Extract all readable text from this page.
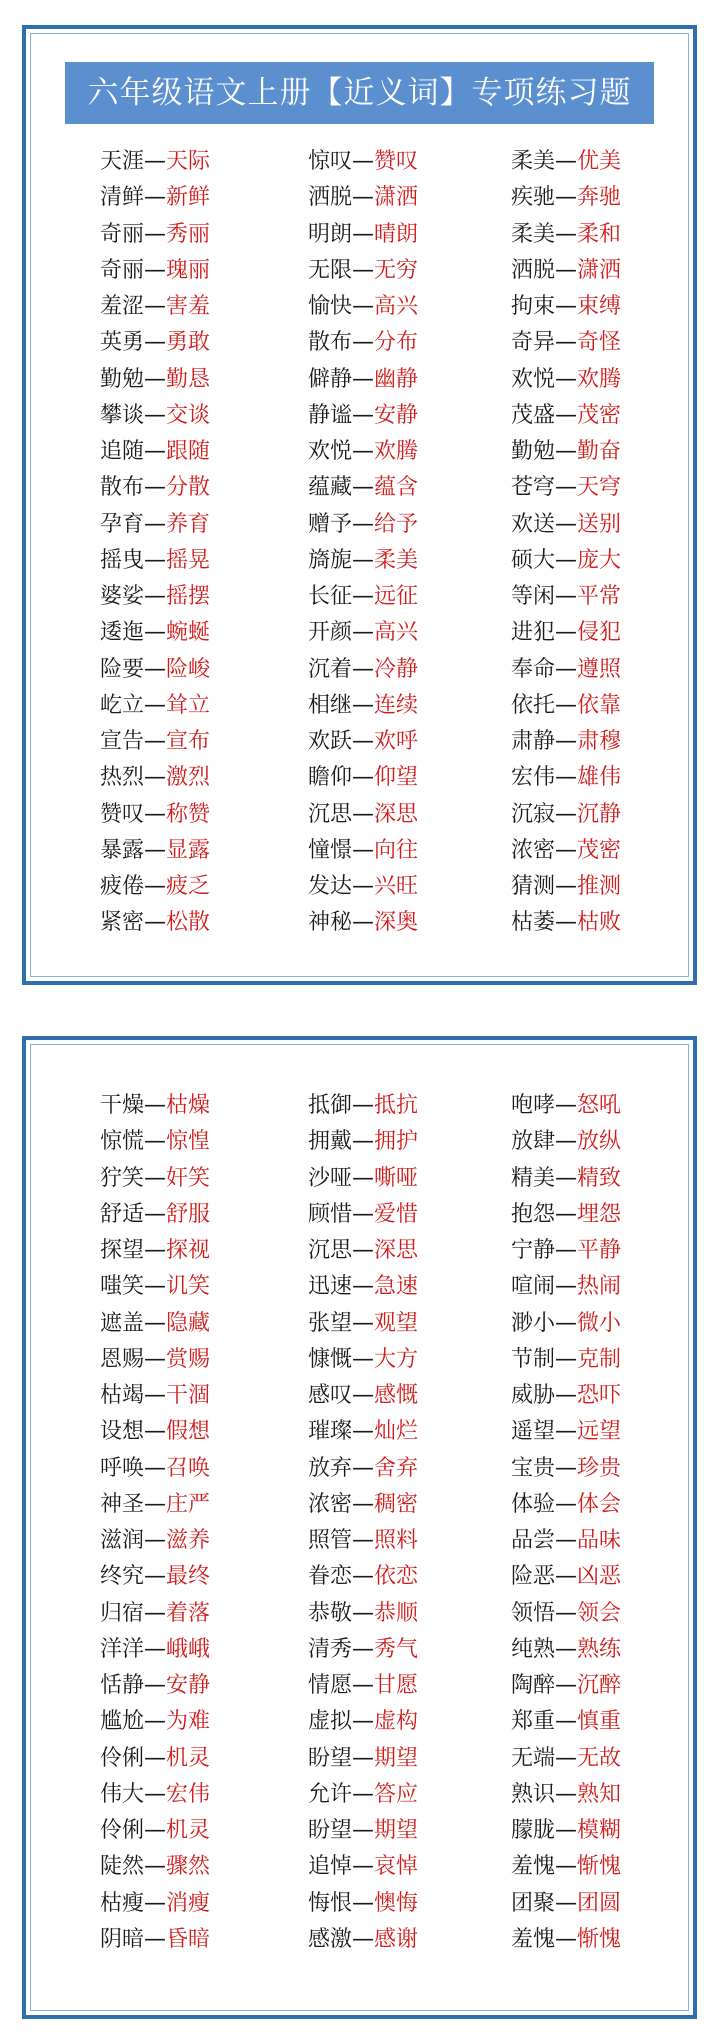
六年级语文上册【近义词】专项练习题
天涯—天际	惊叹—赞叹	柔美—优美
清鲜—新鲜	洒脱—潇洒	疾驰—奔驰
奇丽—秀丽	明朗—晴朗	柔美—柔和
奇丽—瑰丽	无限—无穷	洒脱—潇洒
羞涩—害羞	愉快—高兴	拘束—束缚
英勇—勇敢	散布—分布	奇异—奇怪
勤勉—勤恳	僻静—幽静	欢悦—欢腾
攀谈—交谈	静谧—安静	茂盛—茂密
追随—跟随	欢悦—欢腾	勤勉—勤奋
散布—分散	蕴藏—蕴含	苍穹—天穹
孕育—养育	赠予—给予	欢送—送别
摇曳—摇晃	旖旎—柔美	硕大—庞大
婆娑—摇摆	长征—远征	等闲—平常
逶迤—蜿蜒	开颜—高兴	进犯—侵犯
险要—险峻	沉着—冷静	奉命—遵照
屹立—耸立	相继—连续	依托—依靠
宣告—宣布	欢跃—欢呼	肃静—肃穆
热烈—激烈	瞻仰—仰望	宏伟—雄伟
赞叹—称赞	沉思—深思	沉寂—沉静
暴露—显露	憧憬—向往	浓密—茂密
疲倦—疲乏	发达—兴旺	猜测—推测
紧密—松散	神秘—深奥	枯萎—枯败
干燥—枯燥	抵御—抵抗	咆哮—怒吼
惊慌—惊惶	拥戴—拥护	放肆—放纵
狞笑—奸笑	沙哑—嘶哑	精美—精致
舒适—舒服	顾惜—爱惜	抱怨—埋怨
探望—探视	沉思—深思	宁静—平静
嗤笑—讥笑	迅速—急速	喧闹—热闹
遮盖—隐藏	张望—观望	渺小—微小
恩赐—赏赐	慷慨—大方	节制—克制
枯竭—干涸	感叹—感慨	威胁—恐吓
设想—假想	璀璨—灿烂	遥望—远望
呼唤—召唤	放弃—舍弃	宝贵—珍贵
神圣—庄严	浓密—稠密	体验—体会
滋润—滋养	照管—照料	品尝—品味
终究—最终	眷恋—依恋	险恶—凶恶
归宿—着落	恭敬—恭顺	领悟—领会
洋洋—峨峨	清秀—秀气	纯熟—熟练
恬静—安静	情愿—甘愿	陶醉—沉醉
尴尬—为难	虚拟—虚构	郑重—慎重
伶俐—机灵	盼望—期望	无端—无故
伟大—宏伟	允许—答应	熟识—熟知
伶俐—机灵	盼望—期望	朦胧—模糊
陡然—骤然	追悼—哀悼	羞愧—惭愧
枯瘦—消瘦	悔恨—懊悔	团聚—团圆
阴暗—昏暗	感激—感谢	羞愧—惭愧
